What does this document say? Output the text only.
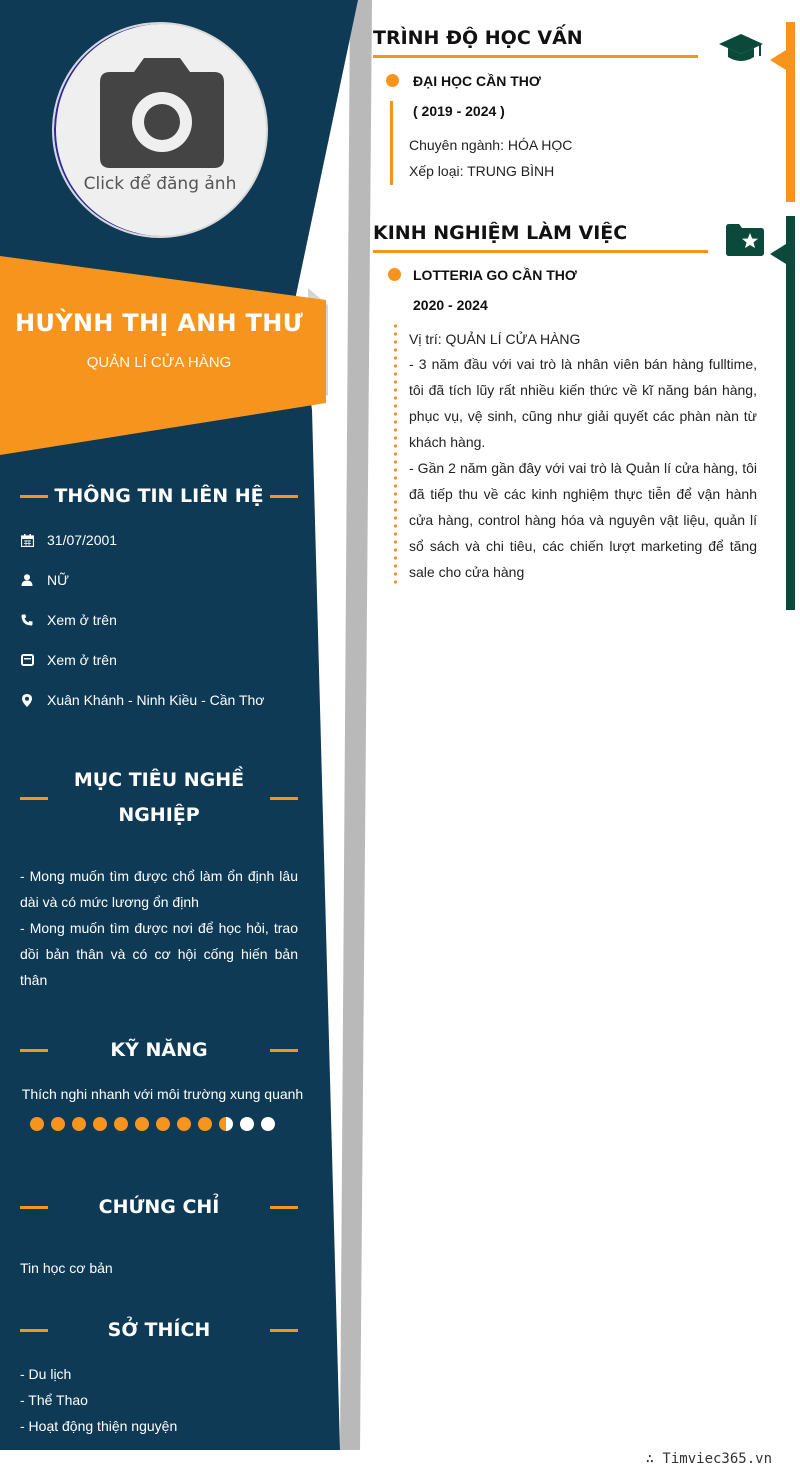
Click để đăng ảnh
HUỲNH THỊ ANH THƯ
QUẢN LÍ CỬA HÀNG
THÔNG TIN LIÊN HỆ
31/07/2001
NỮ
Xem ở trên
Xem ở trên
Xuân Khánh - Ninh Kiều - Cần Thơ
MỤC TIÊU NGHỀ
NGHIỆP
- Mong muốn tìm được chổ làm ổn định lâu dài và có mức lương ổn định
- Mong muốn tìm được nơi để học hỏi, trao dồi bản thân và có cơ hội cống hiến bản thân
KỸ NĂNG
Thích nghi nhanh với môi trường xung quanh
CHỨNG CHỈ
Tin học cơ bản
SỞ THÍCH
- Du lịch
- Thể Thao
- Hoạt động thiện nguyện
TRÌNH ĐỘ HỌC VẤN
ĐẠI HỌC CẦN THƠ
( 2019 - 2024 )
Chuyên ngành: HÓA HỌC
Xếp loại: TRUNG BÌNH
KINH NGHIỆM LÀM VIỆC
LOTTERIA GO CẦN THƠ
2020 - 2024
Vị trí: QUẢN LÍ CỬA HÀNG

- 3 năm đầu với vai trò là nhân viên bán hàng fulltime, tôi đã tích lũy rất nhiều kiến thức về kĩ năng bán hàng, phục vụ, vệ sinh, cũng như giải quyết các phàn nàn từ khách hàng.

- Gần 2 năm gần đây với vai trò là Quản lí cửa hàng, tôi đã tiếp thu về các kinh nghiệm thực tiễn để vận hành cửa hàng, control hàng hóa và nguyên vật liệu, quản lí sổ sách và chi tiêu, các chiến lượt marketing để tăng sale cho cửa hàng

∴ Timviec365.vn
